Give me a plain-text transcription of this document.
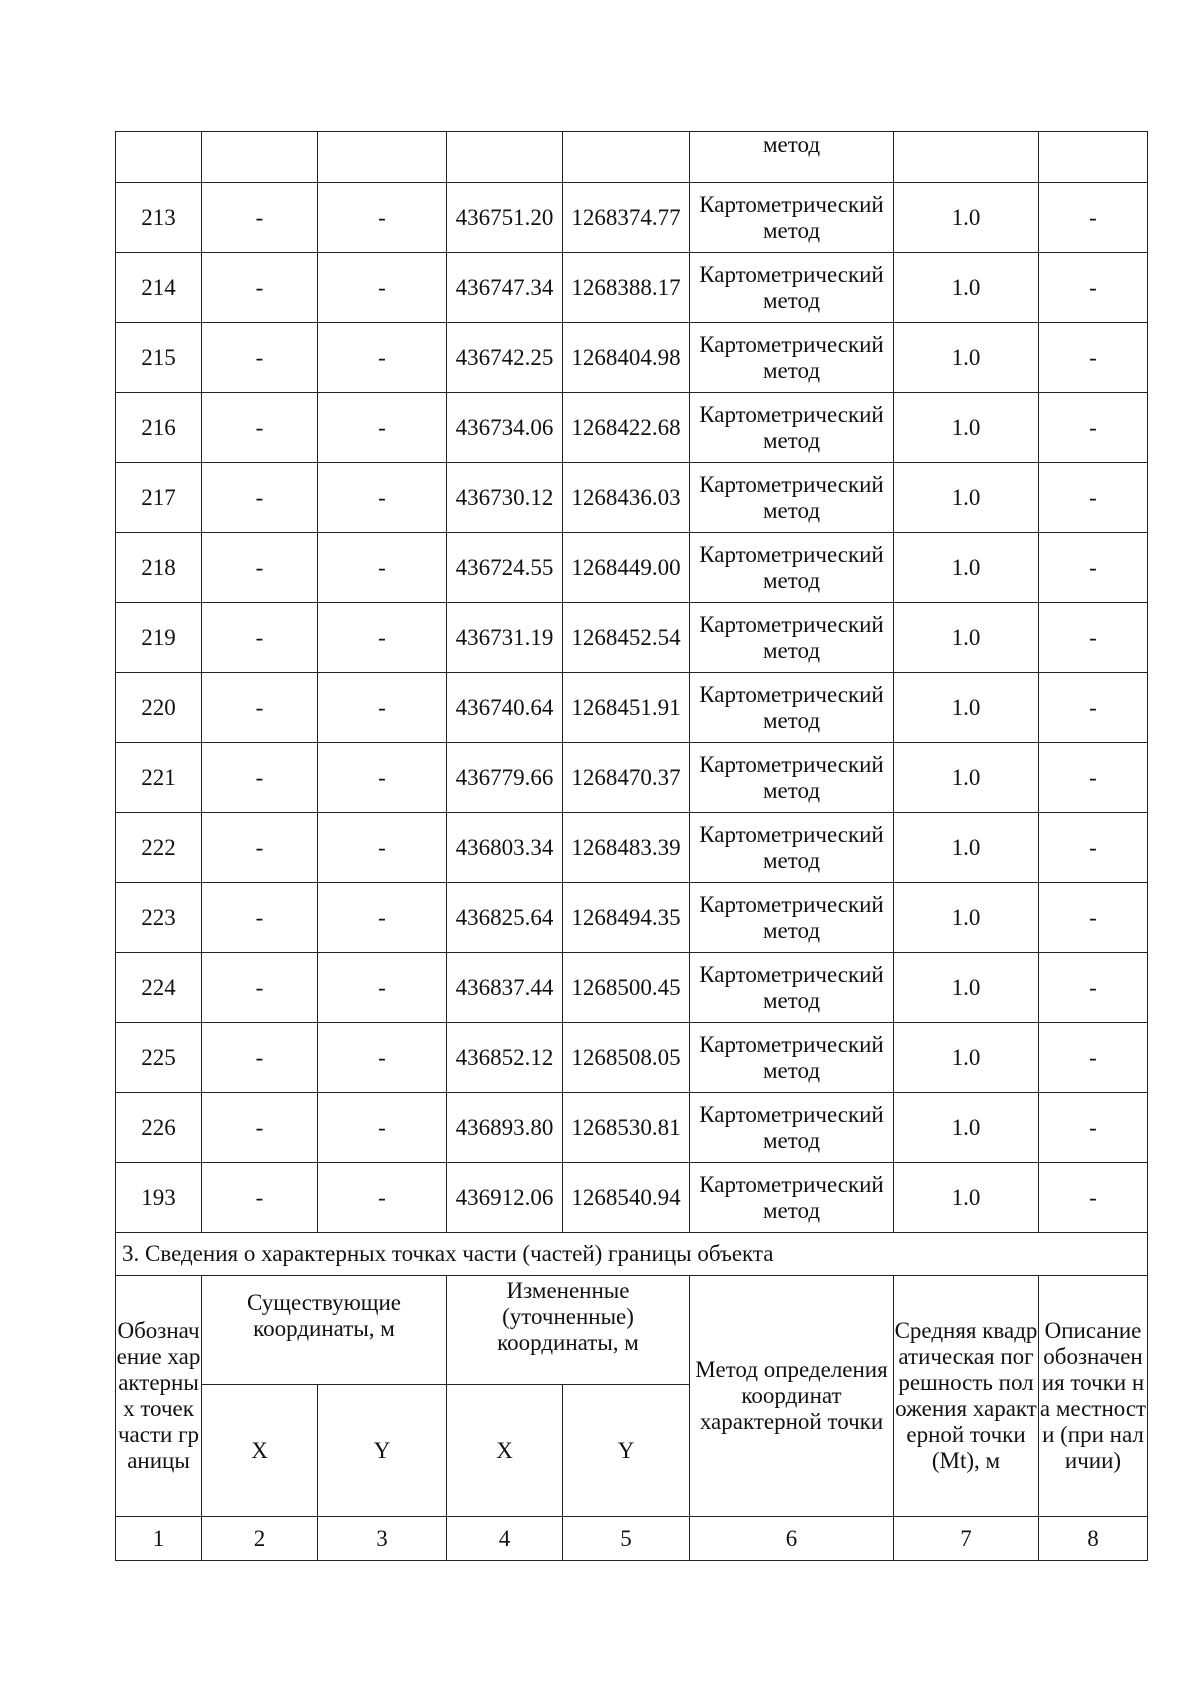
					метод		
213	-	-	436751.20	1268374.77	Картометрический метод	1.0	-
214	-	-	436747.34	1268388.17	Картометрический метод	1.0	-
215	-	-	436742.25	1268404.98	Картометрический метод	1.0	-
216	-	-	436734.06	1268422.68	Картометрический метод	1.0	-
217	-	-	436730.12	1268436.03	Картометрический метод	1.0	-
218	-	-	436724.55	1268449.00	Картометрический метод	1.0	-
219	-	-	436731.19	1268452.54	Картометрический метод	1.0	-
220	-	-	436740.64	1268451.91	Картометрический метод	1.0	-
221	-	-	436779.66	1268470.37	Картометрический метод	1.0	-
222	-	-	436803.34	1268483.39	Картометрический метод	1.0	-
223	-	-	436825.64	1268494.35	Картометрический метод	1.0	-
224	-	-	436837.44	1268500.45	Картометрический метод	1.0	-
225	-	-	436852.12	1268508.05	Картометрический метод	1.0	-
226	-	-	436893.80	1268530.81	Картометрический метод	1.0	-
193	-	-	436912.06	1268540.94	Картометрический метод	1.0	-
3. Сведения о характерных точках части (частей) границы объекта							

Обозначение характерных точек части границы	Существующие координаты, м		Измененные (уточненные) координаты, м		Метод определения координат характерной точки	Средняя квадратическая погрешность положения характерной точки (Mt), м	Описание обозначения точки на местности (при наличии)
	X	Y	X	Y			
1	2	3	4	5	6	7	8
